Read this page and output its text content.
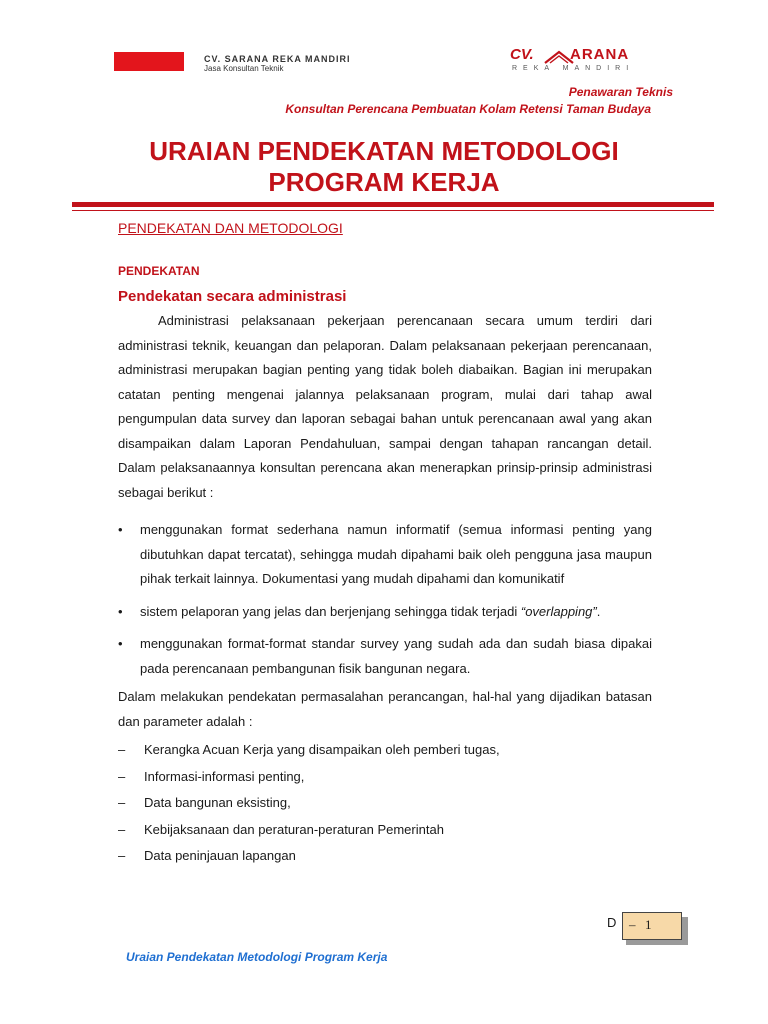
CV. SARANA REKA MANDIRI
Jasa Konsultan Teknik
CV. ARANA
REKA MANDIRI
Penawaran Teknis
Konsultan Perencana Pembuatan Kolam Retensi Taman Budaya
URAIAN PENDEKATAN METODOLOGI
PROGRAM KERJA
PENDEKATAN DAN METODOLOGI
PENDEKATAN
Pendekatan secara administrasi
Administrasi pelaksanaan pekerjaan perencanaan secara umum terdiri dari administrasi teknik, keuangan dan pelaporan. Dalam pelaksanaan pekerjaan perencanaan, administrasi merupakan bagian penting yang tidak boleh diabaikan. Bagian ini merupakan catatan penting mengenai jalannya pelaksanaan program, mulai dari tahap awal pengumpulan data survey dan laporan sebagai bahan untuk perencanaan awal yang akan disampaikan dalam Laporan Pendahuluan, sampai dengan tahapan rancangan detail. Dalam pelaksanaannya konsultan perencana akan menerapkan prinsip-prinsip administrasi sebagai berikut :
• menggunakan format sederhana namun informatif (semua informasi penting yang dibutuhkan dapat tercatat), sehingga mudah dipahami baik oleh pengguna jasa maupun pihak terkait lainnya. Dokumentasi yang mudah dipahami dan komunikatif
• sistem pelaporan yang jelas dan berjenjang sehingga tidak terjadi “overlapping”.
• menggunakan format-format standar survey yang sudah ada dan sudah biasa dipakai pada perencanaan pembangunan fisik bangunan negara.
Dalam melakukan pendekatan permasalahan perancangan, hal-hal yang dijadikan batasan dan parameter adalah :
– Kerangka Acuan Kerja yang disampaikan oleh pemberi tugas,
– Informasi-informasi penting,
– Data bangunan eksisting,
– Kebijaksanaan dan peraturan-peraturan Pemerintah
– Data peninjauan lapangan
D – 1
Uraian Pendekatan Metodologi Program Kerja
